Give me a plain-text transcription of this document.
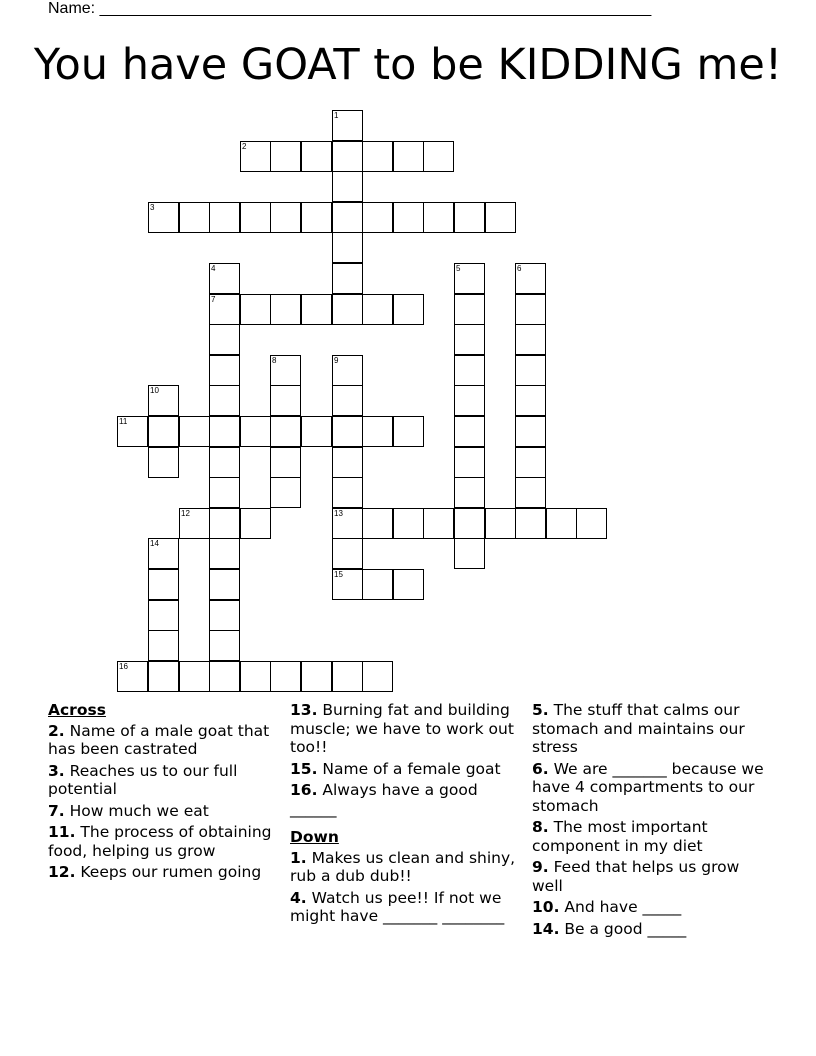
Name: ______________________________________________________________
You have GOAT to be KIDDING me!
1
2
3
4	5	6
7
8	9
10
11
12	13
14
15
16
Across
2. Name of a male goat that has been castrated
3. Reaches us to our full potential
7. How much we eat
11. The process of obtaining food, helping us grow
12. Keeps our rumen going
13. Burning fat and building muscle; we have to work out too!!
15. Name of a female goat
16. Always have a good ______
Down
1. Makes us clean and shiny, rub a dub dub!!
4. Watch us pee!! If not we might have _______ ________
5. The stuff that calms our stomach and maintains our stress
6. We are _______ because we have 4 compartments to our stomach
8. The most important component in my diet
9. Feed that helps us grow well
10. And have _____
14. Be a good _____
